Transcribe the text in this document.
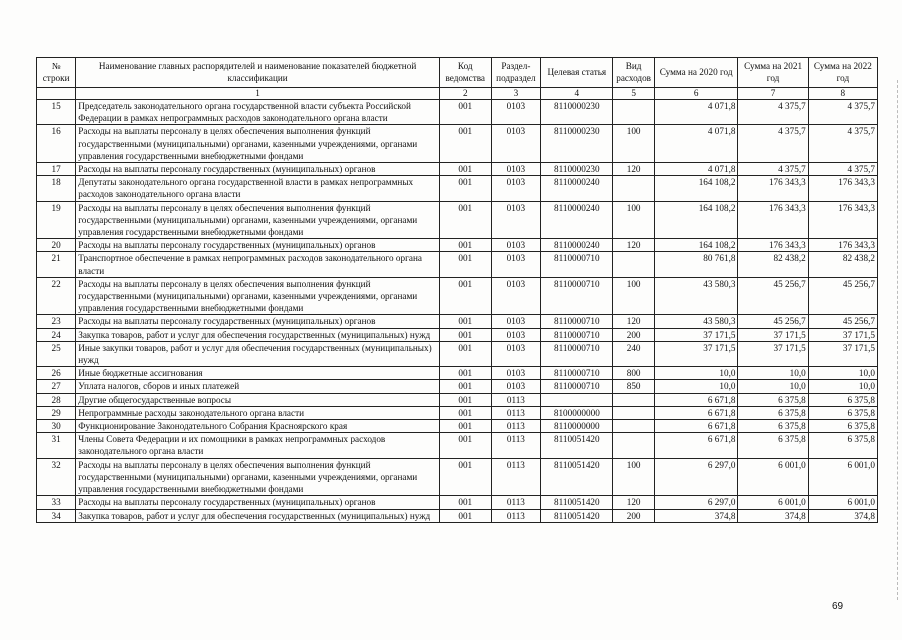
№ строки	Наименование главных распорядителей и наименование показателей бюджетной классификации	Код ведомства	Раздел-подраздел	Целевая статья	Вид расходов	Сумма на 2020 год	Сумма на 2021 год	Сумма на 2022 год
	1	2	3	4	5	6	7	8
15	Председатель законодательного органа государственной власти субъекта Российской Федерации в рамках непрограммных расходов законодательного органа власти	001	0103	8110000230		4 071,8	4 375,7	4 375,7
16	Расходы на выплаты персоналу в целях обеспечения выполнения функций государственными (муниципальными) органами, казенными учреждениями, органами управления государственными внебюджетными фондами	001	0103	8110000230	100	4 071,8	4 375,7	4 375,7
17	Расходы на выплаты персоналу государственных (муниципальных) органов	001	0103	8110000230	120	4 071,8	4 375,7	4 375,7
18	Депутаты законодательного органа государственной власти в рамках непрограммных расходов законодательного органа власти	001	0103	8110000240		164 108,2	176 343,3	176 343,3
19	Расходы на выплаты персоналу в целях обеспечения выполнения функций государственными (муниципальными) органами, казенными учреждениями, органами управления государственными внебюджетными фондами	001	0103	8110000240	100	164 108,2	176 343,3	176 343,3
20	Расходы на выплаты персоналу государственных (муниципальных) органов	001	0103	8110000240	120	164 108,2	176 343,3	176 343,3
21	Транспортное обеспечение в рамках непрограммных расходов законодательного органа власти	001	0103	8110000710		80 761,8	82 438,2	82 438,2
22	Расходы на выплаты персоналу в целях обеспечения выполнения функций государственными (муниципальными) органами, казенными учреждениями, органами управления государственными внебюджетными фондами	001	0103	8110000710	100	43 580,3	45 256,7	45 256,7
23	Расходы на выплаты персоналу государственных (муниципальных) органов	001	0103	8110000710	120	43 580,3	45 256,7	45 256,7
24	Закупка товаров, работ и услуг для обеспечения государственных (муниципальных) нужд	001	0103	8110000710	200	37 171,5	37 171,5	37 171,5
25	Иные закупки товаров, работ и услуг для обеспечения государственных (муниципальных) нужд	001	0103	8110000710	240	37 171,5	37 171,5	37 171,5
26	Иные бюджетные ассигнования	001	0103	8110000710	800	10,0	10,0	10,0
27	Уплата налогов, сборов и иных платежей	001	0103	8110000710	850	10,0	10,0	10,0
28	Другие общегосударственные вопросы	001	0113			6 671,8	6 375,8	6 375,8
29	Непрограммные расходы законодательного органа власти	001	0113	8100000000		6 671,8	6 375,8	6 375,8
30	Функционирование Законодательного Собрания Красноярского края	001	0113	8110000000		6 671,8	6 375,8	6 375,8
31	Члены Совета Федерации и их помощники в рамках непрограммных расходов законодательного органа власти	001	0113	8110051420		6 671,8	6 375,8	6 375,8
32	Расходы на выплаты персоналу в целях обеспечения выполнения функций государственными (муниципальными) органами, казенными учреждениями, органами управления государственными внебюджетными фондами	001	0113	8110051420	100	6 297,0	6 001,0	6 001,0
33	Расходы на выплаты персоналу государственных (муниципальных) органов	001	0113	8110051420	120	6 297,0	6 001,0	6 001,0
34	Закупка товаров, работ и услуг для обеспечения государственных (муниципальных) нужд	001	0113	8110051420	200	374,8	374,8	374,8
69
